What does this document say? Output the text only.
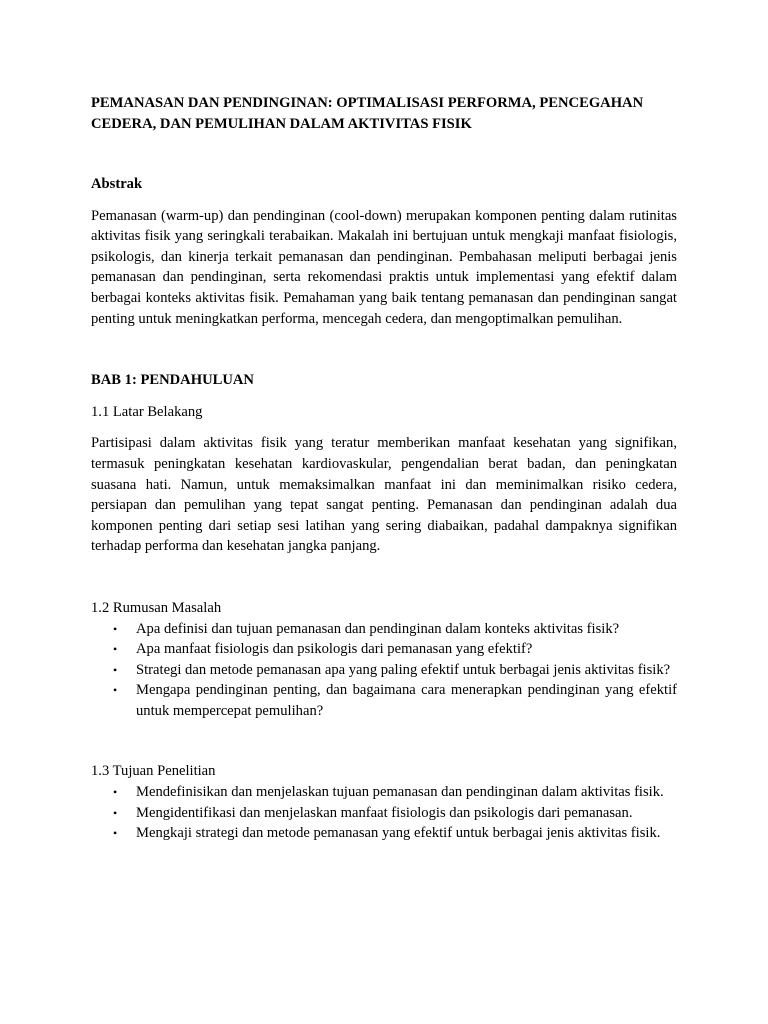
PEMANASAN DAN PENDINGINAN: OPTIMALISASI PERFORMA, PENCEGAHAN CEDERA, DAN PEMULIHAN DALAM AKTIVITAS FISIK

Abstrak

Pemanasan (warm-up) dan pendinginan (cool-down) merupakan komponen penting dalam rutinitas aktivitas fisik yang seringkali terabaikan. Makalah ini bertujuan untuk mengkaji manfaat fisiologis, psikologis, dan kinerja terkait pemanasan dan pendinginan. Pembahasan meliputi berbagai jenis pemanasan dan pendinginan, serta rekomendasi praktis untuk implementasi yang efektif dalam berbagai konteks aktivitas fisik. Pemahaman yang baik tentang pemanasan dan pendinginan sangat penting untuk meningkatkan performa, mencegah cedera, dan mengoptimalkan pemulihan.

BAB 1: PENDAHULUAN

1.1 Latar Belakang

Partisipasi dalam aktivitas fisik yang teratur memberikan manfaat kesehatan yang signifikan, termasuk peningkatan kesehatan kardiovaskular, pengendalian berat badan, dan peningkatan suasana hati. Namun, untuk memaksimalkan manfaat ini dan meminimalkan risiko cedera, persiapan dan pemulihan yang tepat sangat penting. Pemanasan dan pendinginan adalah dua komponen penting dari setiap sesi latihan yang sering diabaikan, padahal dampaknya signifikan terhadap performa dan kesehatan jangka panjang.

1.2 Rumusan Masalah

• Apa definisi dan tujuan pemanasan dan pendinginan dalam konteks aktivitas fisik?
• Apa manfaat fisiologis dan psikologis dari pemanasan yang efektif?
• Strategi dan metode pemanasan apa yang paling efektif untuk berbagai jenis aktivitas fisik?
• Mengapa pendinginan penting, dan bagaimana cara menerapkan pendinginan yang efektif untuk mempercepat pemulihan?

1.3 Tujuan Penelitian

• Mendefinisikan dan menjelaskan tujuan pemanasan dan pendinginan dalam aktivitas fisik.
• Mengidentifikasi dan menjelaskan manfaat fisiologis dan psikologis dari pemanasan.
• Mengkaji strategi dan metode pemanasan yang efektif untuk berbagai jenis aktivitas fisik.
